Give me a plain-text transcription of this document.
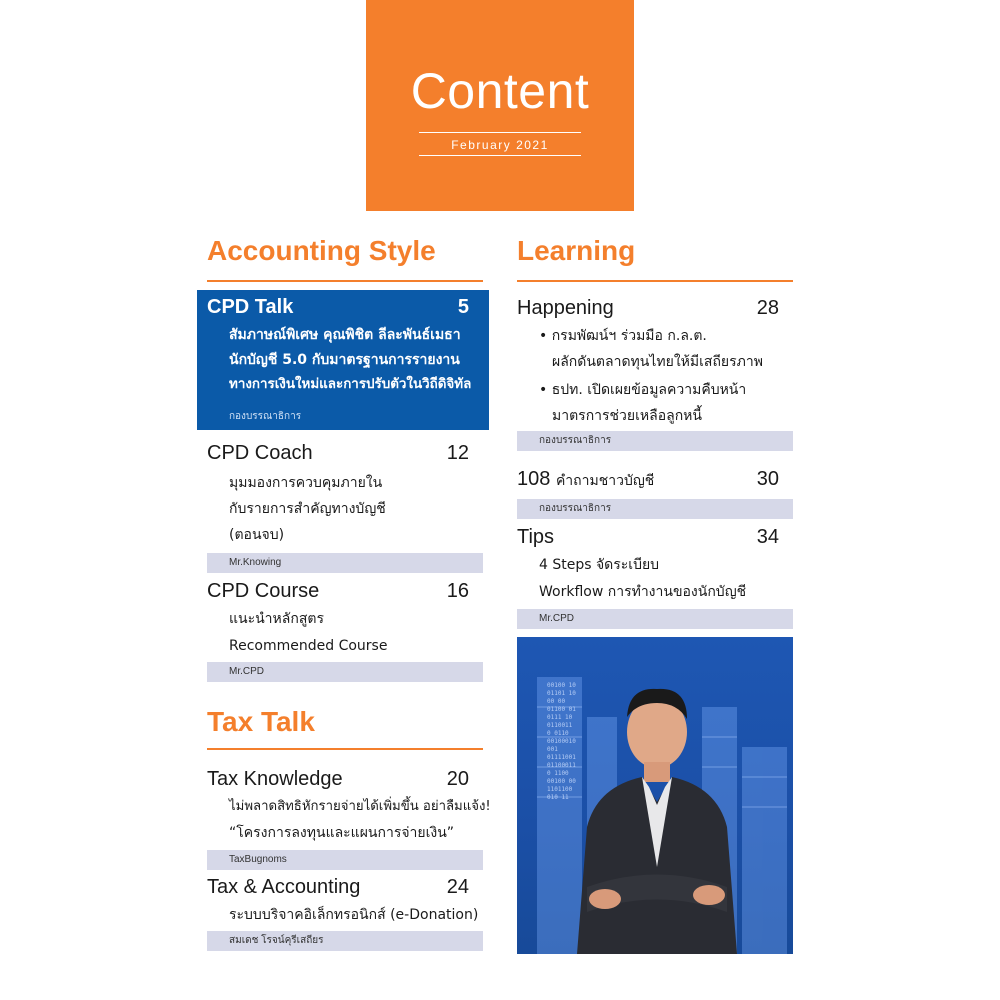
Content
February 2021
Accounting Style
CPD Talk	5
สัมภาษณ์พิเศษ คุณพิชิต ลีละพันธ์เมธา
นักบัญชี 5.0 กับมาตรฐานการรายงาน
ทางการเงินใหม่และการปรับตัวในวิถีดิจิทัล
กองบรรณาธิการ
CPD Coach	12
มุมมองการควบคุมภายใน
กับรายการสำคัญทางบัญชี
(ตอนจบ)
Mr.Knowing
CPD Course	16
แนะนำหลักสูตร
Recommended Course
Mr.CPD
Tax Talk
Tax Knowledge	20
ไม่พลาดสิทธิหักรายจ่ายได้เพิ่มขึ้น อย่าลืมแจ้ง!
“โครงการลงทุนและแผนการจ่ายเงิน”
TaxBugnoms
Tax & Accounting	24
ระบบบริจาคอิเล็กทรอนิกส์ (e-Donation)
สมเดช โรจน์คุรีเสถียร
Learning
Happening	28
• กรมพัฒน์ฯ ร่วมมือ ก.ล.ต.
ผลักดันตลาดทุนไทยให้มีเสถียรภาพ
• ธปท. เปิดเผยข้อมูลความคืบหน้า
มาตรการช่วยเหลือลูกหนี้
กองบรรณาธิการ
108 คำถามชาวบัญชี	30
กองบรรณาธิการ
Tips	34
4 Steps จัดระเบียบ
Workflow การทำงานของนักบัญชี
Mr.CPD
00100 10
01101 10
00 00
01100 01
0111 10
0110011
0 0110
00100010
001
01111001
01100011
0 1100
00100 00
1101100
010 11
